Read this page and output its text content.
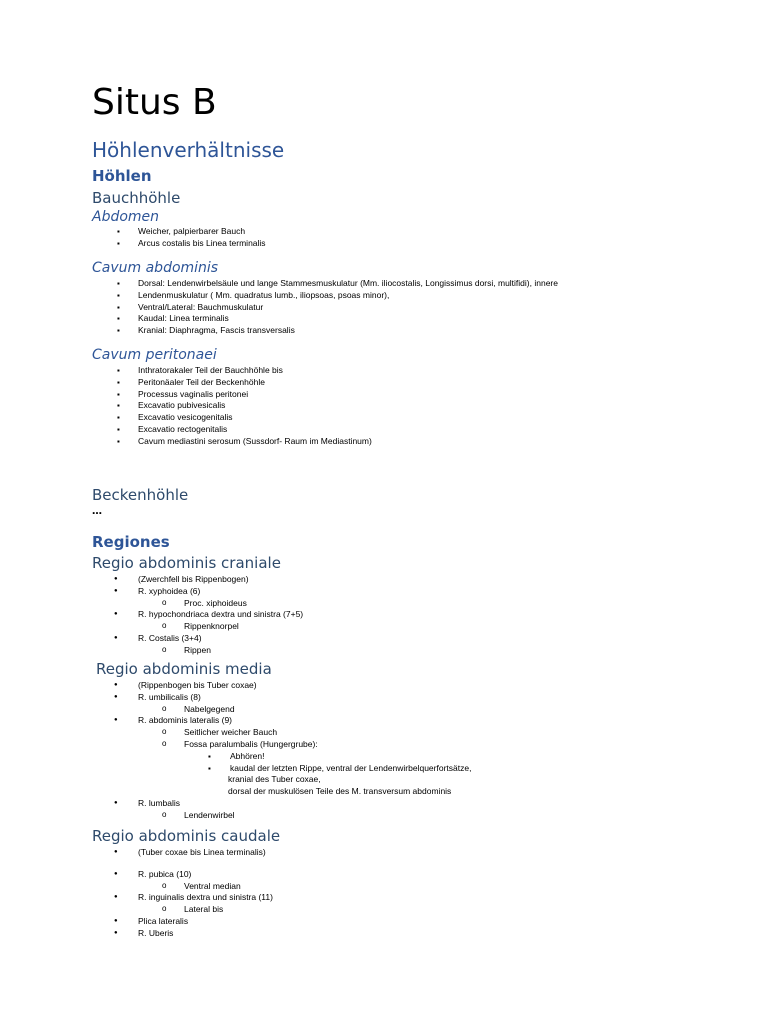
Situs B
Höhlenverhältnisse
Höhlen
Bauchhöhle
Abdomen
▪ Weicher, palpierbarer Bauch
▪ Arcus costalis bis Linea terminalis
Cavum abdominis
▪ Dorsal: Lendenwirbelsäule und lange Stammesmuskulatur (Mm. iliocostalis, Longissimus dorsi, multifidi), innere
▪ Lendenmuskulatur ( Mm. quadratus lumb., iliopsoas, psoas minor),
▪ Ventral/Lateral: Bauchmuskulatur
▪ Kaudal: Linea terminalis
▪ Kranial: Diaphragma, Fascis transversalis
Cavum peritonaei
▪ Inthratorakaler Teil der Bauchhöhle bis
▪ Peritonäaler Teil der Beckenhöhle
▪ Processus vaginalis peritonei
▪ Excavatio pubivesicalis
▪ Excavatio vesicogenitalis
▪ Excavatio rectogenitalis
▪ Cavum mediastini serosum (Sussdorf- Raum im Mediastinum)
Beckenhöhle
…
Regiones
Regio abdominis craniale
● (Zwerchfell bis Rippenbogen)
● R. xyphoidea (6)
o Proc. xiphoideus
● R. hypochondriaca dextra und sinistra (7+5)
o Rippenknorpel
● R. Costalis (3+4)
o Rippen
Regio abdominis media
● (Rippenbogen bis Tuber coxae)
● R. umbilicalis (8)
o Nabelgegend
● R. abdominis lateralis (9)
o Seitlicher weicher Bauch
o Fossa paralumbalis (Hungergrube):
▪ Abhören!
▪ kaudal der letzten Rippe, ventral der Lendenwirbelquerfortsätze,
kranial des Tuber coxae,
dorsal der muskulösen Teile des M. transversum abdominis
● R. lumbalis
o Lendenwirbel
Regio abdominis caudale
● (Tuber coxae bis Linea terminalis)
● R. pubica (10)
o Ventral median
● R. inguinalis dextra und sinistra (11)
o Lateral bis
● Plica lateralis
● R. Uberis
